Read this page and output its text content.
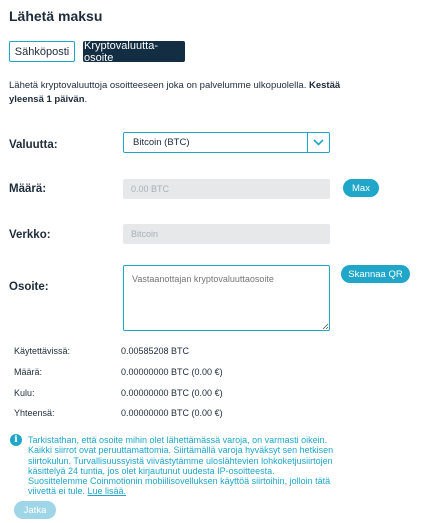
Lähetä maksu
Sähköposti	Kryptovaluutta-osoite
Lähetä kryptovaluuttoja osoitteeseen joka on palvelumme ulkopuolella. Kestää yleensä 1 päivän.
Valuutta:	Bitcoin (BTC)
Määrä:	0.00 BTC	Max
Verkko:	Bitcoin
Osoite:
Vastaanottajan kryptovaluuttaosoite
Skannaa QR
Käytettävissä:	0.00585208 BTC
Määrä:	0.00000000 BTC (0.00 €)
Kulu:	0.00000000 BTC (0.00 €)
Yhteensä:	0.00000000 BTC (0.00 €)
i	Tarkistathan, että osoite mihin olet lähettämässä varoja, on varmasti oikein. Kaikki siirrot ovat peruuttamattomia. Siirtämällä varoja hyväksyt sen hetkisen siirtokulun. Turvallisuussyistä viivästytämme uloslähtevien lohkoketjusiirtojen käsittelyä 24 tuntia, jos olet kirjautunut uudesta IP-osoitteesta. Suosittelemme Coinmotionin mobiilisovelluksen käyttöä siirtoihin, jolloin tätä viivettä ei tule. Lue lisää.
Jatka
